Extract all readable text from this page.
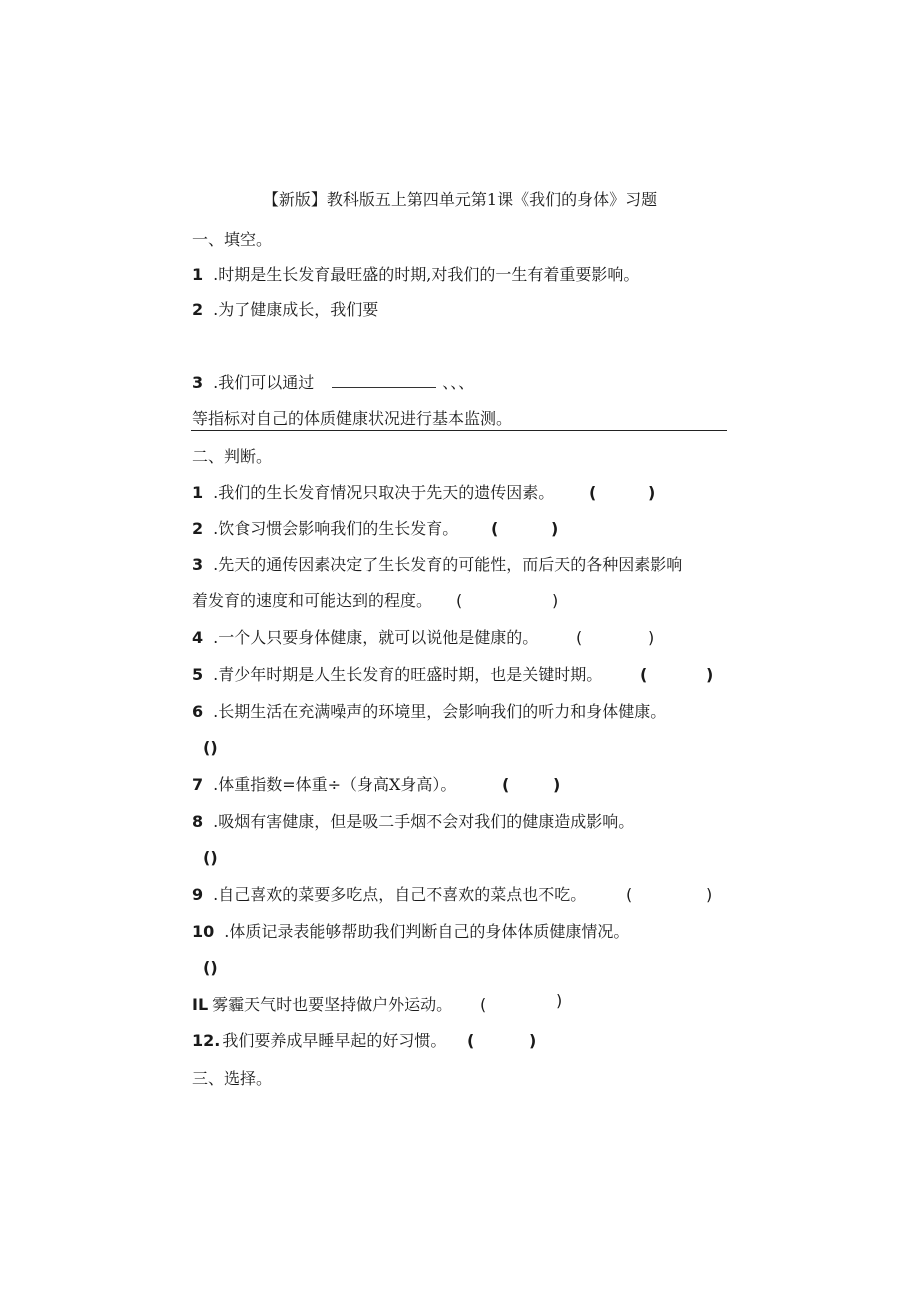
【新版】教科版五上第四单元第1课《我们的身体》习题
一、填空。
1 .时期是生长发育最旺盛的时期,对我们的一生有着重要影响。
2 .为了健康成长，我们要
3 .我们可以通过	、、、
等指标对自己的体质健康状况进行基本监测。
二、判断。
1 .我们的生长发育情况只取决于先天的遗传因素。 (	)
2 .饮食习惯会影响我们的生长发育。 (	)
3 .先天的通传因素决定了生长发育的可能性，而后天的各种因素影响
着发育的速度和可能达到的程度。 (	)
4 .一个人只要身体健康，就可以说他是健康的。 (	)
5 .青少年时期是人生长发育的旺盛时期，也是关键时期。 (	)
6 .长期生活在充满噪声的环境里，会影响我们的听力和身体健康。
()
7 .体重指数=体重÷（身高X身高）。	(	)
8 .吸烟有害健康，但是吸二手烟不会对我们的健康造成影响。
()
9 .自己喜欢的菜要多吃点，自己不喜欢的菜点也不吃。 (	)
10 .体质记录表能够帮助我们判断自己的身体体质健康情况。
()
IL 雾霾天气时也要坚持做户外运动。 (	)
12. 我们要养成早睡早起的好习惯。 (	)
三、选择。
